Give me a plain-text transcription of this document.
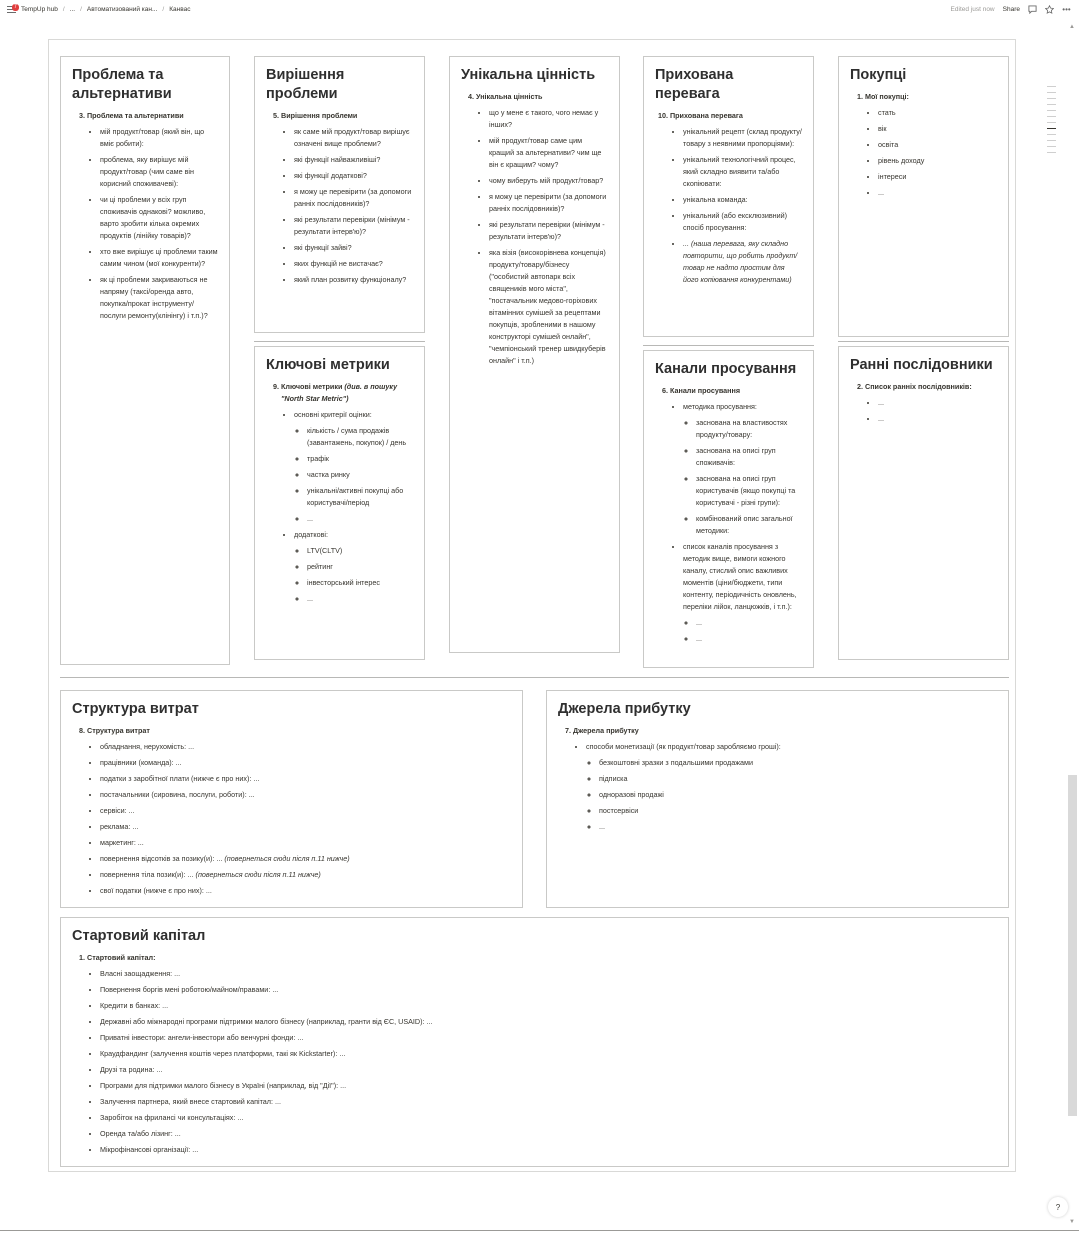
7 TempUp hub / ... / Автоматизований кан... / Канвас	Edited just now Share	•••
Проблема та альтернативи
3. Проблема та альтернативи
• мій продукт/товар (який він, що вміє робити):
• проблема, яку вирішує мій продукт/товар (чим саме він корисний споживачеві):
• чи ці проблеми у всіх груп споживачів однакові? можливо, варто зробити кілька окремих продуктів (лінійку товарів)?
• хто вже вирішує ці проблеми таким самим чином (мої конкуренти)?
• як ці проблеми закриваються не напряму (таксі/оренда авто, покупка/прокат інструменту/ послуги ремонту(клінінгу) і т.п.)?
Вирішення проблеми
5. Вирішення проблеми
• як саме мій продукт/товар вирішує означені вище проблеми?
• які функції найважливіші?
• які функції додаткові?
• я можу це перевірити (за допомоги ранніх послідовників)?
• які результати перевірки (мінімум - результати інтерв'ю)?
• які функції зайві?
• яких функцій не вистачає?
• який план розвитку функціоналу?
Ключові метрики
9. Ключові метрики (див. в пошуку "North Star Metric")
• основні критерії оцінки:
◦ кількість / сума продажів (завантажень, покупок) / день
◦ трафік
◦ частка ринку
◦ унікальні/активні покупці або користувачі/період
◦ ...
• додаткові:
◦ LTV(CLTV)
◦ рейтинг
◦ інвесторський інтерес
◦ ...
Унікальна цінність
4. Унікальна цінність
• що у мене є такого, чого немає у інших?
• мій продукт/товар саме цим кращий за альтернативи? чим ще він є кращим? чому?
• чому виберуть мій продукт/товар?
• я можу це перевірити (за допомоги ранніх послідовників)?
• які результати перевірки (мінімум - результати інтерв'ю)?
• яка візія (високорівнева концепція) продукту/товару/бізнесу ("особистий автопарк всіх священиків мого міста", "постачальник медово-горіхових вітамінних сумішей за рецептами покупців, зробленими в нашому конструкторі сумішей онлайн", "чемпіонський тренер швидкуберів онлайн" і т.п.)
Прихована перевага
10. Прихована перевага
• унікальний рецепт (склад продукту/товару з неявними пропорціями):
• унікальний технологічний процес, який складно виявити та/або скопіювати:
• унікальна команда:
• унікальний (або ексклюзивний) спосіб просування:
• ... (наша перевага, яку складно повторити, що робить продукт/товар не надто простим для його копіювання конкурентами)
Канали просування
6. Канали просування
• методика просування:
◦ заснована на властивостях продукту/товару:
◦ заснована на описі груп споживачів:
◦ заснована на описі груп користувачів (якщо покупці та користувачі - різні групи):
◦ комбінований опис загальної методики:
• список каналів просування з методик вище, вимоги кожного каналу, стислий опис важливих моментів (ціни/бюджети, типи контенту, періодичність оновлень, переліки лійок, ланцюжків, і т.п.):
◦ ...
◦ ...
Покупці
1. Мої покупці:
• стать
• вік
• освіта
• рівень доходу
• інтереси
• ...
Ранні послідовники
2. Список ранніх послідовників:
• ...
• ...
Структура витрат
8. Структура витрат
• обладнання, нерухомість: ...
• працівники (команда): ...
• податки з заробітної плати (нижче є про них): ...
• постачальники (сировина, послуги, роботи): ...
• сервіси: ...
• реклама: ...
• маркетинг: ...
• повернення відсотків за позику(и): ... (повернеться сюди після п.11 нижче)
• повернення тіла позик(и): ... (повернеться сюди після п.11 нижче)
• свої податки (нижче є про них): ...
Джерела прибутку
7. Джерела прибутку
• способи монетизації (як продукт/товар заробляємо гроші):
◦ безкоштовні зразки з подальшими продажами
◦ підписка
◦ одноразові продажі
◦ постсервіси
◦ ...
Стартовий капітал
1. Стартовий капітал:
• Власні заощадження: ...
• Повернення боргів мені роботою/майном/правами: ...
• Кредити в банках: ...
• Державні або міжнародні програми підтримки малого бізнесу (наприклад, гранти від ЄС, USAID): ...
• Приватні інвестори: ангели-інвестори або венчурні фонди: ...
• Краудфандинг (залучення коштів через платформи, такі як Kickstarter): ...
• Друзі та родина: ...
• Програми для підтримки малого бізнесу в Україні (наприклад, від "Дії"): ...
• Залучення партнера, який внесе стартовий капітал: ...
• Заробіток на фрилансі чи консультаціях: ...
• Оренда та/або лізинг: ...
• Мікрофінансові організації: ...
▲
▼
?
